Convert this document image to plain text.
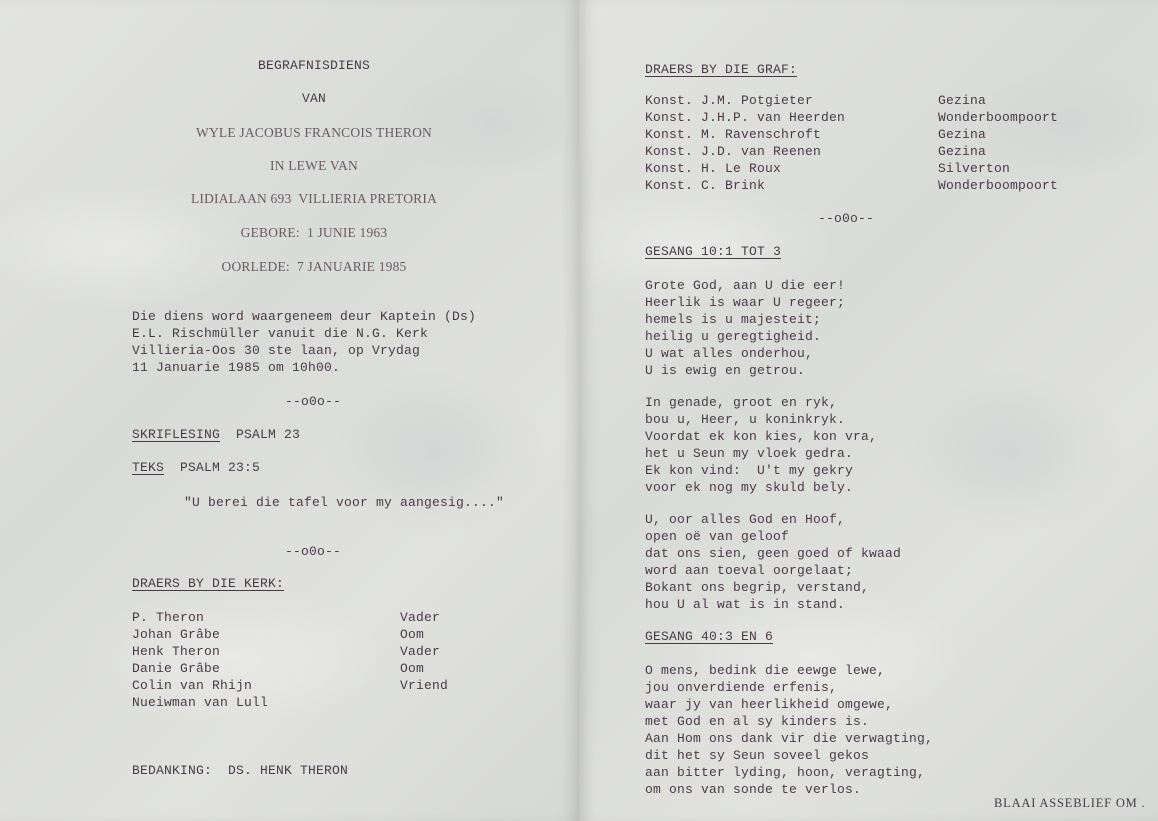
BEGRAFNISDIENS
VAN
WYLE JACOBUS FRANCOIS THERON
IN LEWE VAN
LIDIALAAN 693  VILLIERIA PRETORIA
GEBORE:  1 JUNIE 1963
OORLEDE:  7 JANUARIE 1985
Die diens word waargeneem deur Kaptein (Ds)
E.L. Rischmüller vanuit die N.G. Kerk
Villieria-Oos 30 ste laan, op Vrydag
11 Januarie 1985 om 10h00.
--o0o--
SKRIFLESING PSALM 23
TEKS PSALM 23:5
"U berei die tafel voor my aangesig...."
--o0o--
DRAERS BY DIE KERK:
P. Theron	Vader
Johan Grâbe	Oom
Henk Theron	Vader
Danie Grâbe	Oom
Colin van Rhijn	Vriend
Nueiwman van Lull
BEDANKING:  DS. HENK THERON
DRAERS BY DIE GRAF:
Konst. J.M. Potgieter	Gezina
Konst. J.H.P. van Heerden	Wonderboompoort
Konst. M. Ravenschroft	Gezina
Konst. J.D. van Reenen	Gezina
Konst. H. Le Roux	Silverton
Konst. C. Brink	Wonderboompoort
--o0o--
GESANG 10:1 TOT 3
Grote God, aan U die eer!
Heerlik is waar U regeer;
hemels is u majesteit;
heilig u geregtigheid.
U wat alles onderhou,
U is ewig en getrou.
In genade, groot en ryk,
bou u, Heer, u koninkryk.
Voordat ek kon kies, kon vra,
het u Seun my vloek gedra.
Ek kon vind:  U't my gekry
voor ek nog my skuld bely.
U, oor alles God en Hoof,
open oë van geloof
dat ons sien, geen goed of kwaad
word aan toeval oorgelaat;
Bokant ons begrip, verstand,
hou U al wat is in stand.
GESANG 40:3 EN 6
O mens, bedink die eewge lewe,
jou onverdiende erfenis,
waar jy van heerlikheid omgewe,
met God en al sy kinders is.
Aan Hom ons dank vir die verwagting,
dit het sy Seun soveel gekos
aan bitter lyding, hoon, veragting,
om ons van sonde te verlos.
BLAAI ASSEBLIEF OM .
